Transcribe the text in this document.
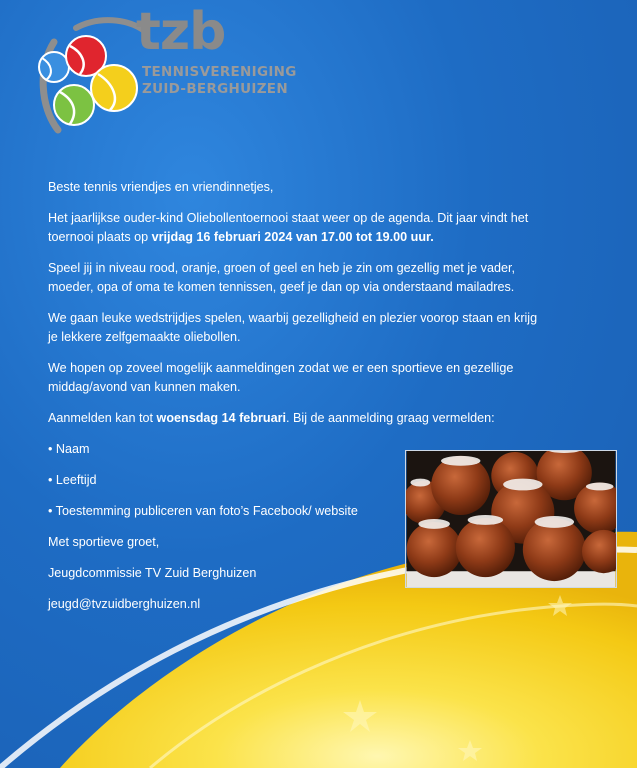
tzb
TENNISVERENIGING
ZUID-BERGHUIZEN

Beste tennis vriendjes en vriendinnetjes,

Het jaarlijkse ouder-kind Oliebollentoernooi staat weer op de agenda. Dit jaar vindt het toernooi plaats op vrijdag 16 februari 2024 van 17.00 tot 19.00 uur.

Speel jij in niveau rood, oranje, groen of geel en heb je zin om gezellig met je vader, moeder, opa of oma te komen tennissen, geef je dan op via onderstaand mailadres.

We gaan leuke wedstrijdjes spelen, waarbij gezelligheid en plezier voorop staan en krijg je lekkere zelfgemaakte oliebollen.

We hopen op zoveel mogelijk aanmeldingen zodat we er een sportieve en gezellige middag/avond van kunnen maken.

Aanmelden kan tot woensdag 14 februari. Bij de aanmelding graag vermelden:

• Naam

• Leeftijd

• Toestemming publiceren van foto’s Facebook/ website

Met sportieve groet,

Jeugdcommissie TV Zuid Berghuizen

jeugd@tvzuidberghuizen.nl
